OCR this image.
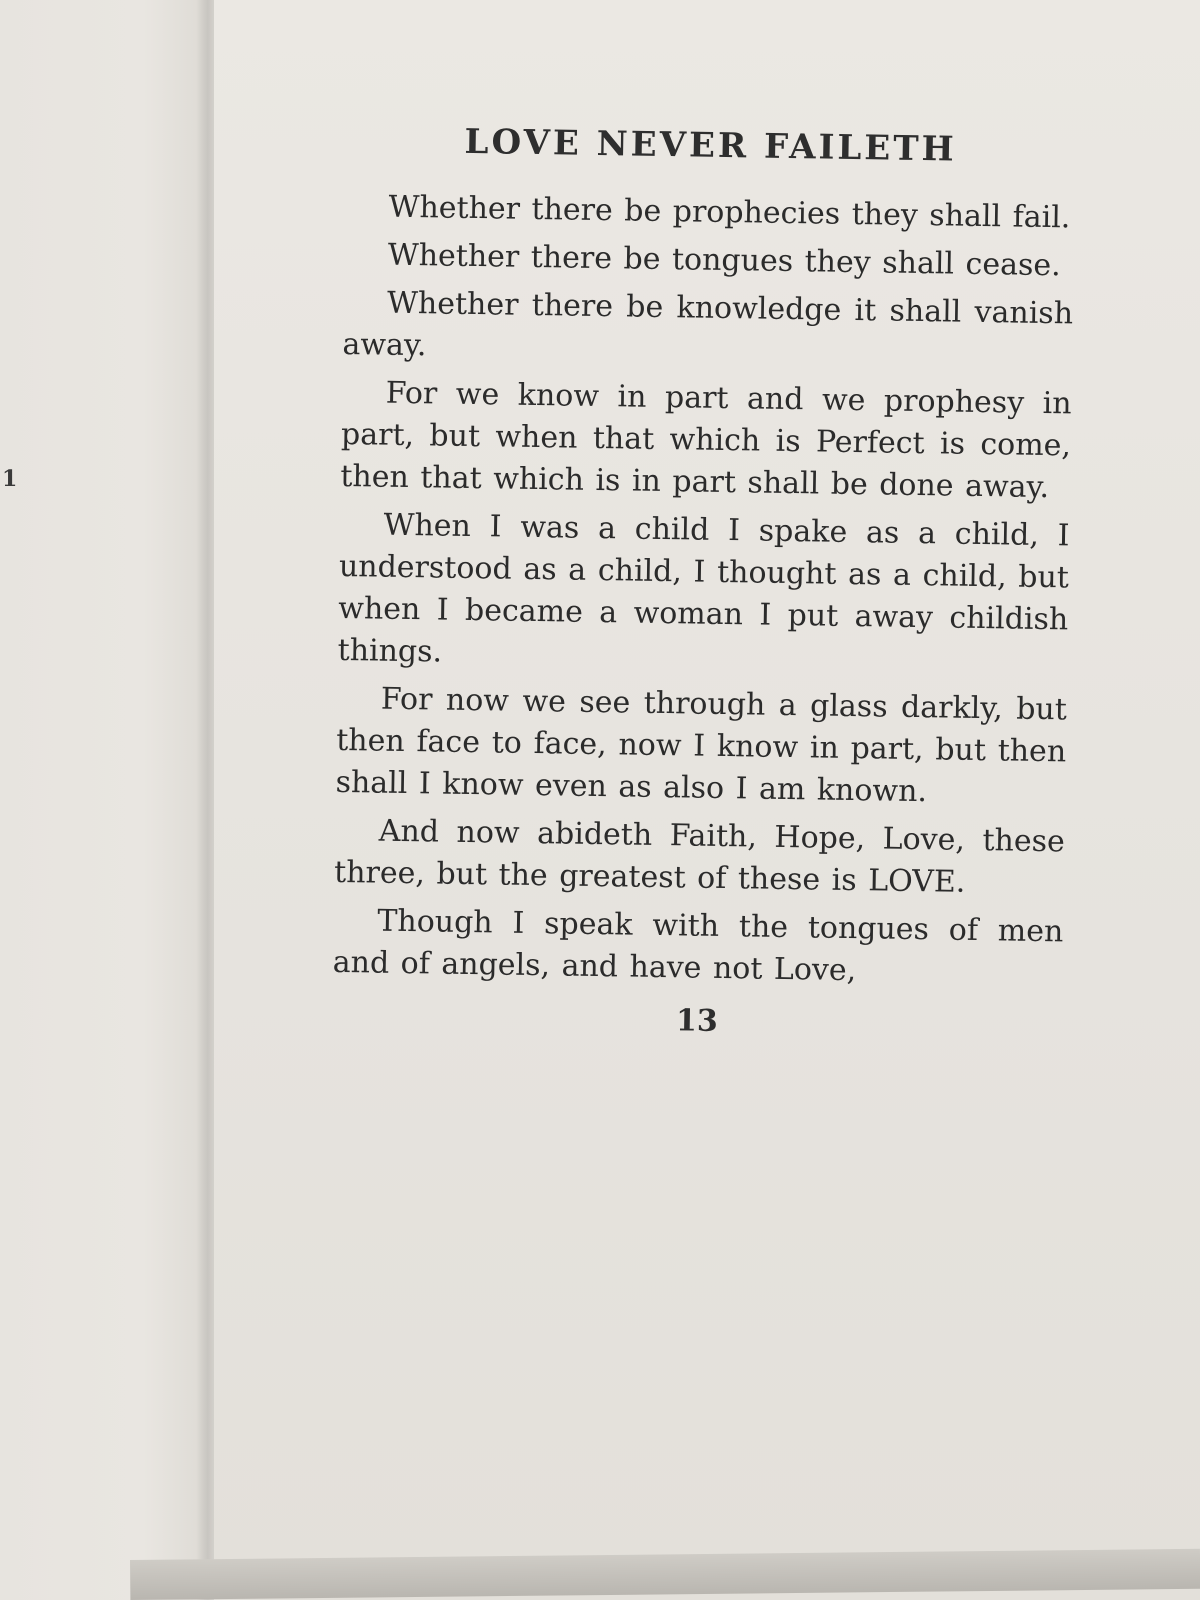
1
LOVE NEVER FAILETH

Whether there be prophecies they shall fail.

Whether there be tongues they shall cease.

Whether there be knowledge it shall vanish away.

For we know in part and we prophesy in part, but when that which is Perfect is come, then that which is in part shall be done away.

When I was a child I spake as a child, I understood as a child, I thought as a child, but when I became a woman I put away childish things.

For now we see through a glass darkly, but then face to face, now I know in part, but then shall I know even as also I am known.

And now abideth Faith, Hope, Love, these three, but the greatest of these is LOVE.

Though I speak with the tongues of men and of angels, and have not Love,

13
